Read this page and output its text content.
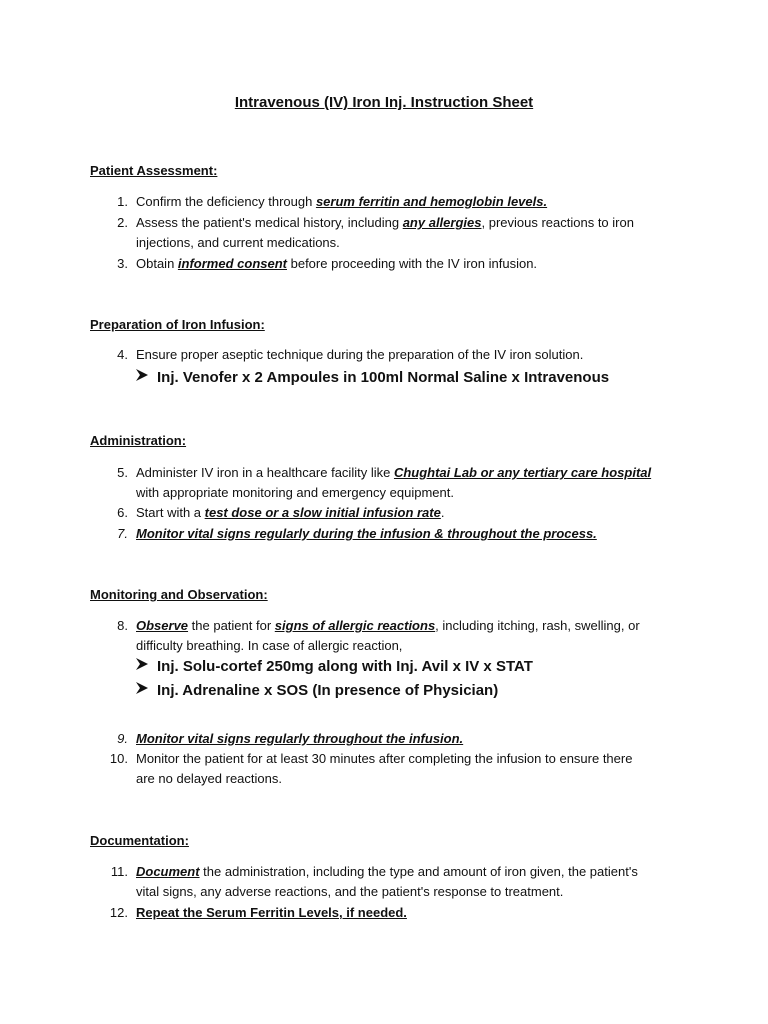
Intravenous (IV) Iron Inj. Instruction Sheet
Patient Assessment:
1. Confirm the deficiency through serum ferritin and hemoglobin levels.
2. Assess the patient's medical history, including any allergies, previous reactions to iron
injections, and current medications.
3. Obtain informed consent before proceeding with the IV iron infusion.
Preparation of Iron Infusion:
4. Ensure proper aseptic technique during the preparation of the IV iron solution.
Inj. Venofer x 2 Ampoules in 100ml Normal Saline x Intravenous
Administration:
5. Administer IV iron in a healthcare facility like Chughtai Lab or any tertiary care hospital
with appropriate monitoring and emergency equipment.
6. Start with a test dose or a slow initial infusion rate.
7. Monitor vital signs regularly during the infusion & throughout the process.
Monitoring and Observation:
8. Observe the patient for signs of allergic reactions, including itching, rash, swelling, or
difficulty breathing. In case of allergic reaction,
Inj. Solu-cortef 250mg along with Inj. Avil x IV x STAT
Inj. Adrenaline x SOS (In presence of Physician)
9. Monitor vital signs regularly throughout the infusion.
10. Monitor the patient for at least 30 minutes after completing the infusion to ensure there
are no delayed reactions.
Documentation:
11. Document the administration, including the type and amount of iron given, the patient's
vital signs, any adverse reactions, and the patient's response to treatment.
12. Repeat the Serum Ferritin Levels, if needed.
